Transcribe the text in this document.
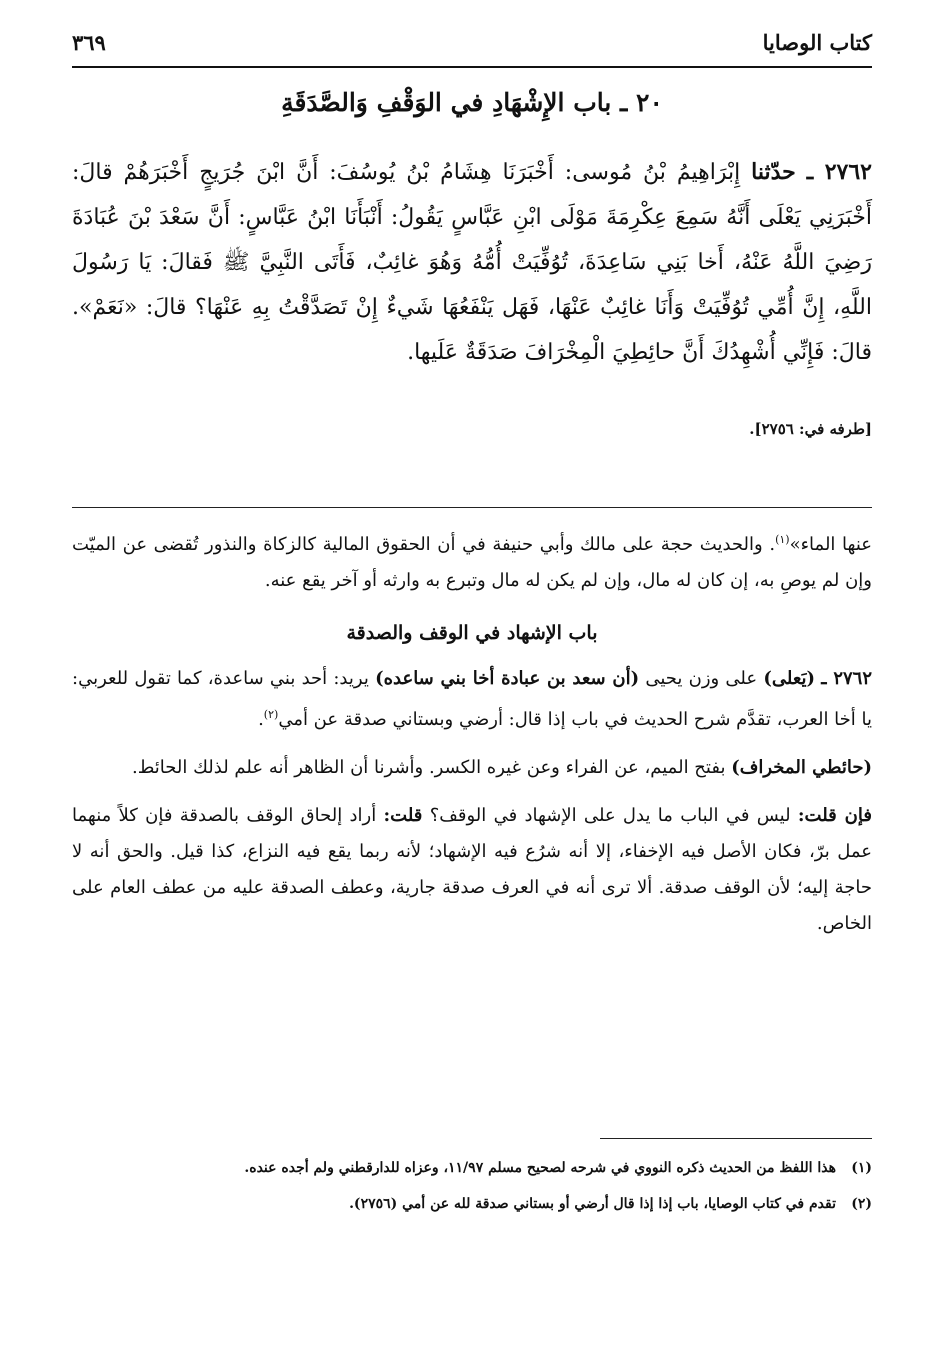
كتاب الوصايا
٣٦٩
٢٠ ـ باب الإِشْهَادِ في الوَقْفِ وَالصَّدَقَةِ
٢٧٦٢ ـ حدّثنا إِبْرَاهِيمُ بْنُ مُوسى: أَخْبَرَنَا هِشَامُ بْنُ يُوسُفَ: أَنَّ ابْنَ جُرَيجٍ أَخْبَرَهُمْ قالَ: أَخْبَرَنِي يَعْلَى أَنَّهُ سَمِعَ عِكْرِمَةَ مَوْلَى ابْنِ عَبَّاسٍ يَقُولُ: أَنْبَأَنَا ابْنُ عَبَّاسٍ: أَنَّ سَعْدَ بْنَ عُبَادَةَ رَضِيَ اللَّهُ عَنْهُ، أَخا بَنِي سَاعِدَةَ، تُوُفِّيَتْ أُمُّهُ وَهُوَ غائِبٌ، فَأَتَى النَّبِيَّ ﷺ فَقالَ: يَا رَسُولَ اللَّهِ، إِنَّ أُمِّي تُوُفِّيَتْ وَأَنَا غائِبٌ عَنْهَا، فَهَل يَنْفَعُهَا شَيءٌ إِنْ تَصَدَّقْتُ بِهِ عَنْهَا؟ قالَ: «نَعَمْ». قالَ: فَإِنِّي أُشْهِدُكَ أَنَّ حائِطِيَ الْمِخْرَافَ صَدَقَةٌ عَلَيها.
[طرفه في: ٢٧٥٦].

عنها الماء»$^{(١)}$. والحديث حجة على مالك وأبي حنيفة في أن الحقوق المالية كالزكاة والنذور تُقضى عن الميّت وإن لم يوصِ به، إن كان له مال، وإن لم يكن له مال وتبرع به وارثه أو آخر يقع عنه.

باب الإشهاد في الوقف والصدقة

٢٧٦٢ ـ (يَعلى) على وزن يحيى (أن سعد بن عبادة أخا بني ساعده) يريد: أحد بني ساعدة، كما تقول للعربي: يا أخا العرب، تقدَّم شرح الحديث في باب إذا قال: أرضي وبستاني صدقة عن أمي$^{(٢)}$.

(حائطي المخراف) بفتح الميم، عن الفراء وعن غيره الكسر. وأشرنا أن الظاهر أنه علم لذلك الحائط.

فإن قلت: ليس في الباب ما يدل على الإشهاد في الوقف؟ قلت: أراد إلحاق الوقف بالصدقة فإن كلاً منهما عمل برّ، فكان الأصل فيه الإخفاء، إلا أنه شرُع فيه الإشهاد؛ لأنه ربما يقع فيه النزاع، كذا قيل. والحق أنه لا حاجة إليه؛ لأن الوقف صدقة. ألا ترى أنه في العرف صدقة جارية، وعطف الصدقة عليه من عطف العام على الخاص.

(١)
هذا اللفظ من الحديث ذكره النووي في شرحه لصحيح مسلم ١١/٩٧، وعزاه للدارقطني ولم أجده عنده.
(٢)
تقدم في كتاب الوصايا، باب إذا إذا قال أرضي أو بستاني صدقة لله عن أمي (٢٧٥٦).
